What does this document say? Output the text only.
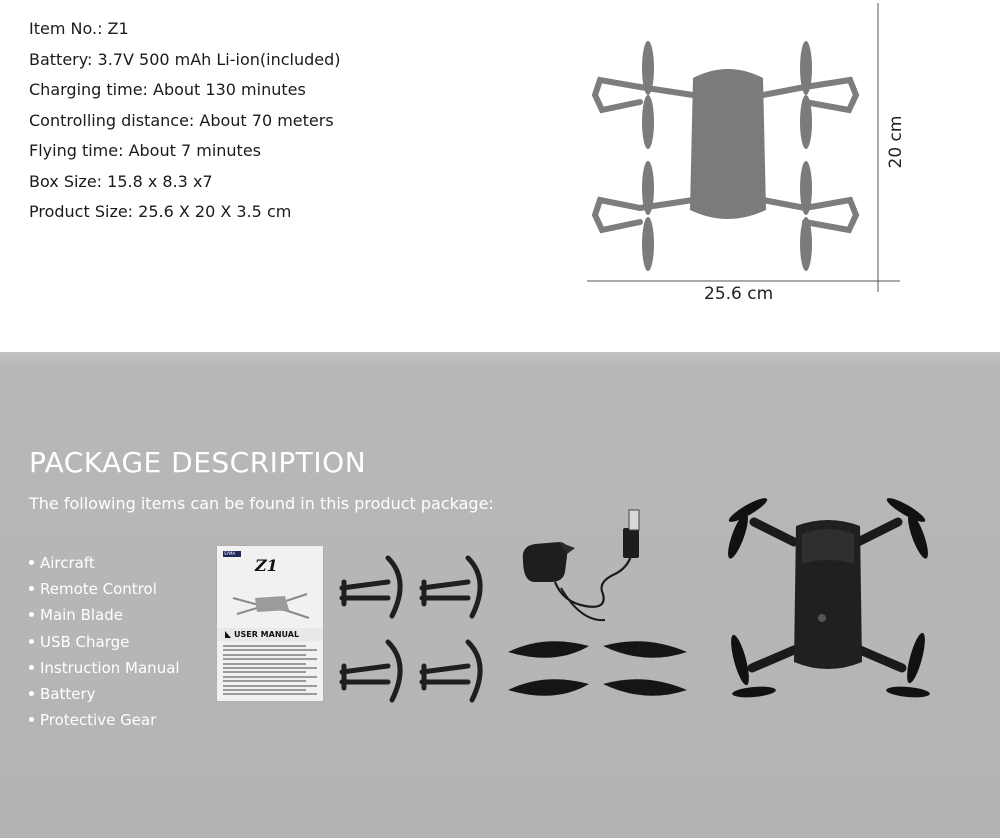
Item No.: Z1
Battery: 3.7V 500 mAh Li-ion(included)
Charging time: About 130 minutes
Controlling distance: About 70 meters
Flying time: About 7 minutes
Box Size: 15.8 x 8.3 x7
Product Size: 25.6 X 20 X 3.5 cm
25.6 cm
20 cm
PACKAGE DESCRIPTION
The following items can be found in this product package:
Aircraft
Remote Control
Main Blade
USB Charge
Instruction Manual
Battery
Protective Gear
SYMA
Z1
USER MANUAL
